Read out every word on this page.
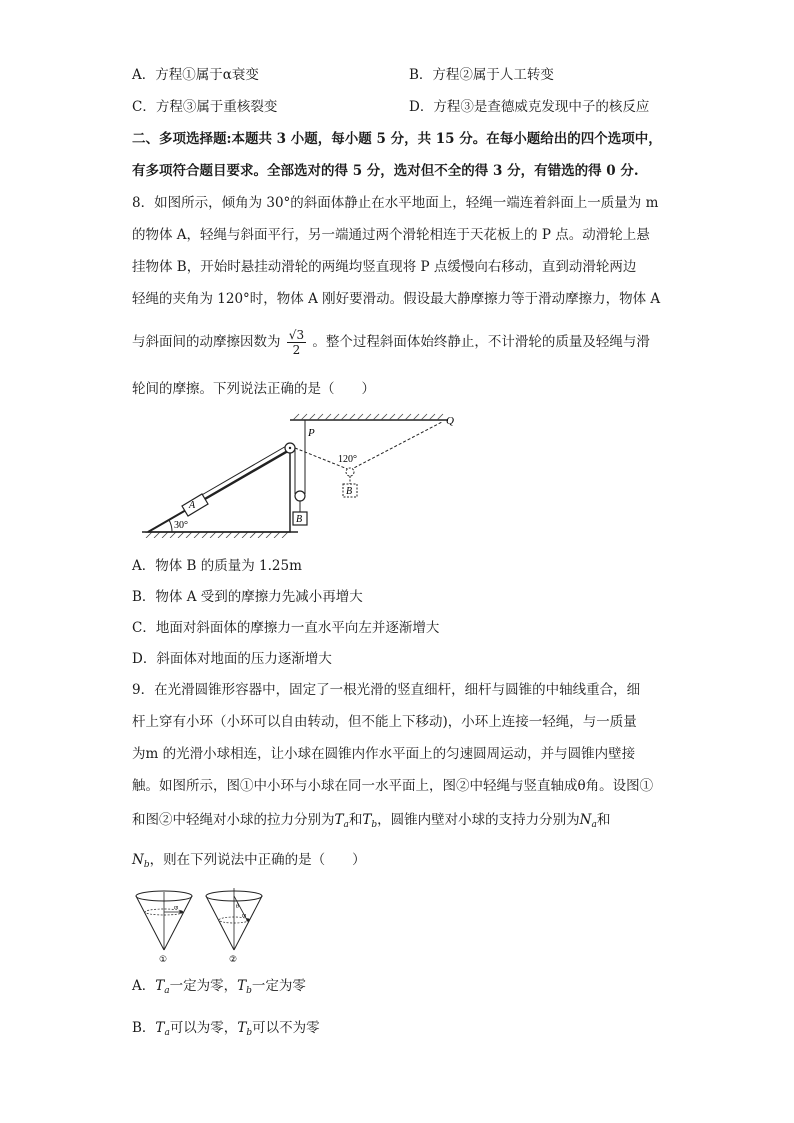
A．方程①属于α衰变	B．方程②属于人工转变
C．方程③属于重核裂变	D．方程③是查德威克发现中子的核反应
二、多项选择题:本题共 3 小题，每小题 5 分，共 15 分。在每小题给出的四个选项中，
有多项符合题目要求。全部选对的得 5 分，选对但不全的得 3 分，有错选的得 0 分.
8．如图所示，倾角为 30°的斜面体静止在水平地面上，轻绳一端连着斜面上一质量为 m
的物体 A，轻绳与斜面平行，另一端通过两个滑轮相连于天花板上的 P 点。动滑轮上悬
挂物体 B，开始时悬挂动滑轮的两绳均竖直现将 P 点缓慢向右移动，直到动滑轮两边
轻绳的夹角为 120°时，物体 A 刚好要滑动。假设最大静摩擦力等于滑动摩擦力，物体 A
与斜面间的动摩擦因数为 $\frac{√3}{2}$ 。整个过程斜面体始终静止，不计滑轮的质量及轻绳与滑
轮间的摩擦。下列说法正确的是（　　）
A
B
P
Q
B
120°
30°
A．物体 B 的质量为 1.25m
B．物体 A 受到的摩擦力先减小再增大
C．地面对斜面体的摩擦力一直水平向左并逐渐增大
D．斜面体对地面的压力逐渐增大
9．在光滑圆锥形容器中，固定了一根光滑的竖直细杆，细杆与圆锥的中轴线重合，细
杆上穿有小环（小环可以自由转动，但不能上下移动)，小环上连接一轻绳，与一质量
为m 的光滑小球相连，让小球在圆锥内作水平面上的匀速圆周运动，并与圆锥内壁接
触。如图所示，图①中小环与小球在同一水平面上，图②中轻绳与竖直轴成θ角。设图①
和图②中轻绳对小球的拉力分别为$T_a$和$T_b$，圆锥内壁对小球的支持力分别为$N_a$和
$N_b$，则在下列说法中正确的是（　　）
m
①
θ
m
②
A．$T_a$一定为零，$T_b$一定为零
B．$T_a$可以为零，$T_b$可以不为零
